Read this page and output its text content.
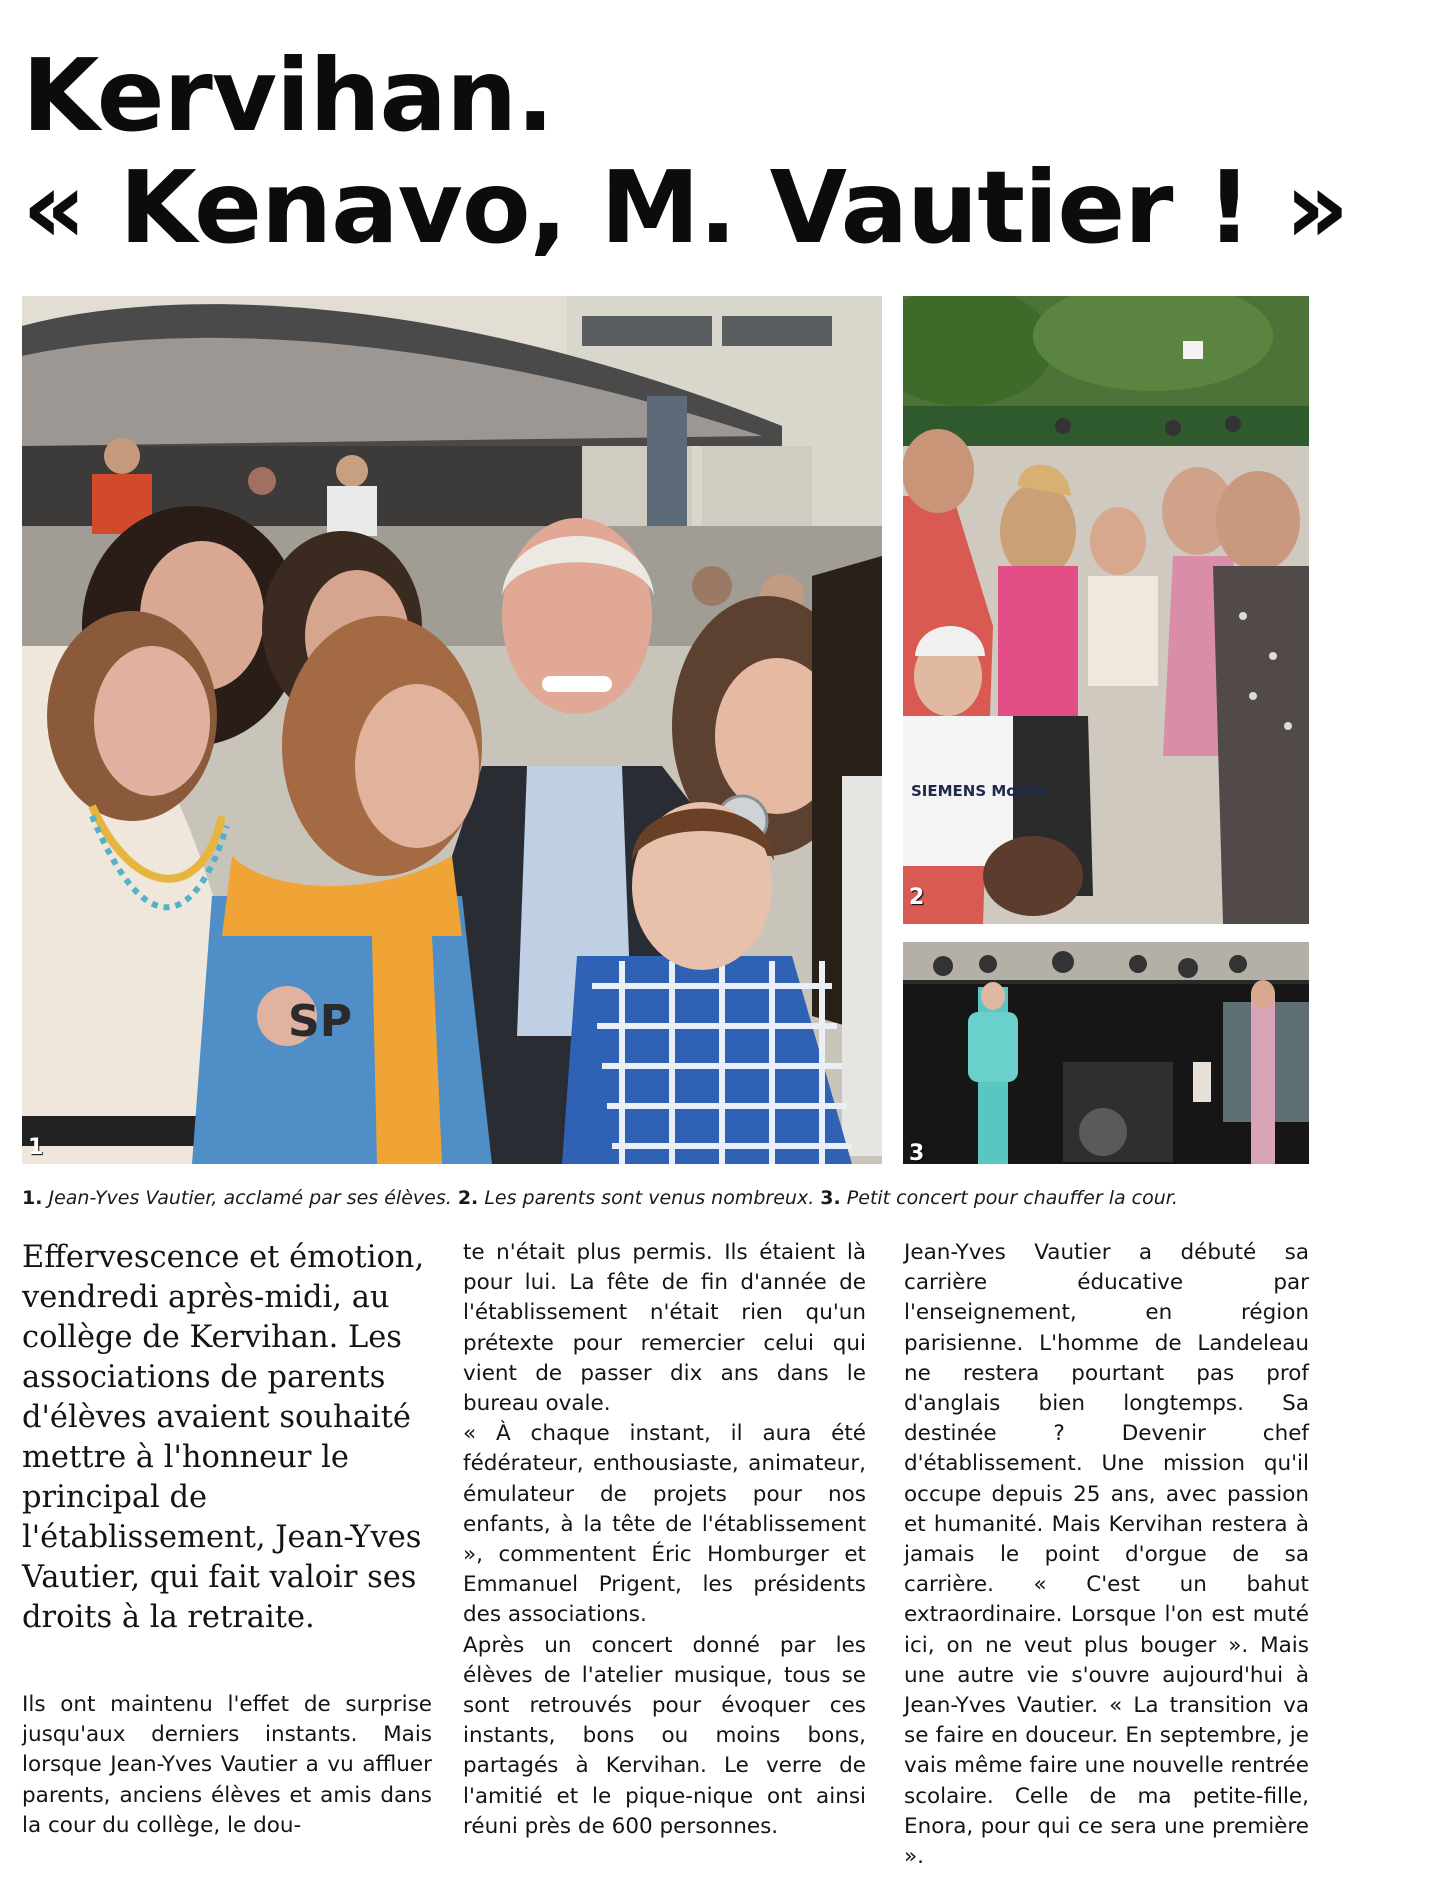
Kervihan.
« Kenavo, M. Vautier ! »
SP
1
SIEMENS Mobile
2
3
1. Jean-Yves Vautier, acclamé par ses élèves. 2. Les parents sont venus nombreux. 3. Petit concert pour chauffer la cour.

Effervescence et émotion, vendredi après-midi, au collège de Kervihan. Les associations de parents d'élèves avaient souhaité mettre à l'honneur le principal de l'établissement, Jean-Yves Vautier, qui fait valoir ses droits à la retraite.

Ils ont maintenu l'effet de surprise jusqu'aux derniers instants. Mais lorsque Jean-Yves Vautier a vu affluer parents, anciens élèves et amis dans la cour du collège, le dou-

te n'était plus permis. Ils étaient là pour lui. La fête de fin d'année de l'établissement n'était rien qu'un prétexte pour remercier celui qui vient de passer dix ans dans le bureau ovale.

« À chaque instant, il aura été fédérateur, enthousiaste, animateur, émulateur de projets pour nos enfants, à la tête de l'établissement », commentent Éric Homburger et Emmanuel Prigent, les présidents des associations.

Après un concert donné par les élèves de l'atelier musique, tous se sont retrouvés pour évoquer ces instants, bons ou moins bons, partagés à Kervihan. Le verre de l'amitié et le pique-nique ont ainsi réuni près de 600 personnes.

Jean-Yves Vautier a débuté sa carrière éducative par l'enseignement, en région parisienne. L'homme de Landeleau ne restera pourtant pas prof d'anglais bien longtemps. Sa destinée ? Devenir chef d'établissement. Une mission qu'il occupe depuis 25 ans, avec passion et humanité. Mais Kervihan restera à jamais le point d'orgue de sa carrière. « C'est un bahut extraordinaire. Lorsque l'on est muté ici, on ne veut plus bouger ». Mais une autre vie s'ouvre aujourd'hui à Jean-Yves Vautier. « La transition va se faire en douceur. En septembre, je vais même faire une nouvelle rentrée scolaire. Celle de ma petite-fille, Enora, pour qui ce sera une première ».
